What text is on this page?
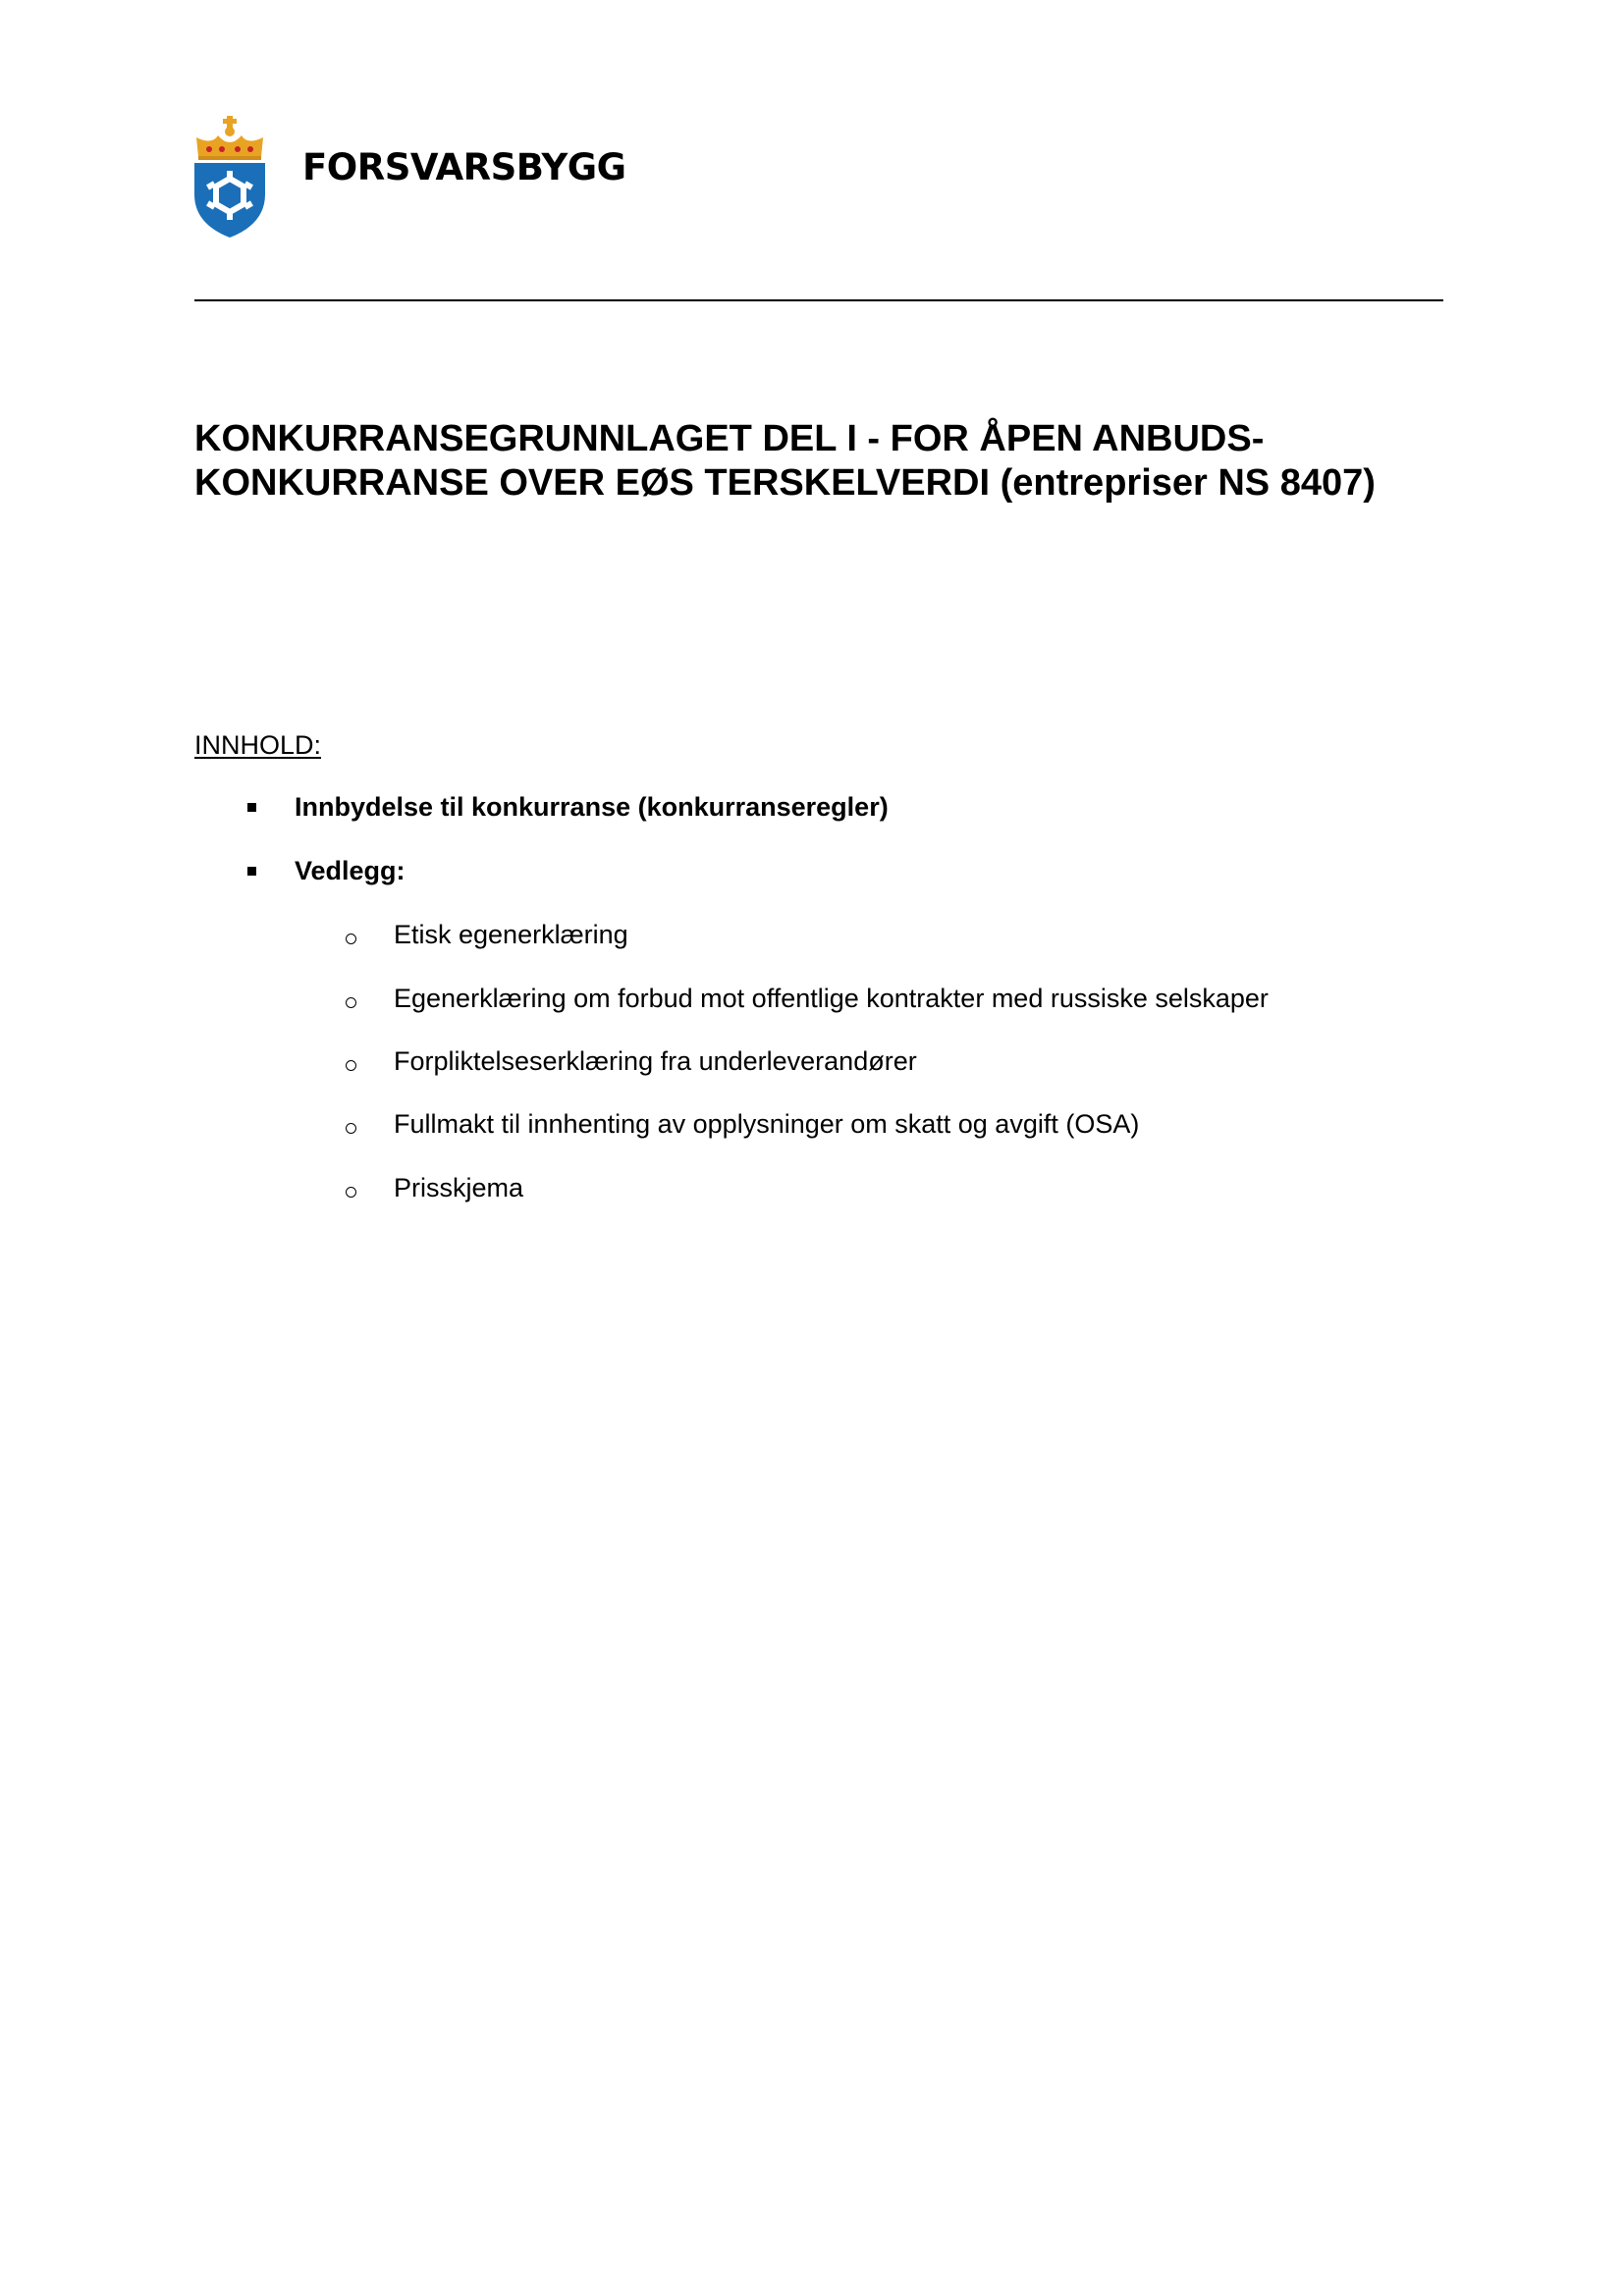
FORSVARSBYGG
KONKURRANSEGRUNNLAGET DEL I - FOR ÅPEN ANBUDS-
KONKURRANSE OVER EØS TERSKELVERDI (entrepriser NS 8407)
INNHOLD:
Innbydelse til konkurranse (konkurranseregler)
Vedlegg:
Etisk egenerklæring
Egenerklæring om forbud mot offentlige kontrakter med russiske selskaper
Forpliktelseserklæring fra underleverandører
Fullmakt til innhenting av opplysninger om skatt og avgift (OSA)
Prisskjema
